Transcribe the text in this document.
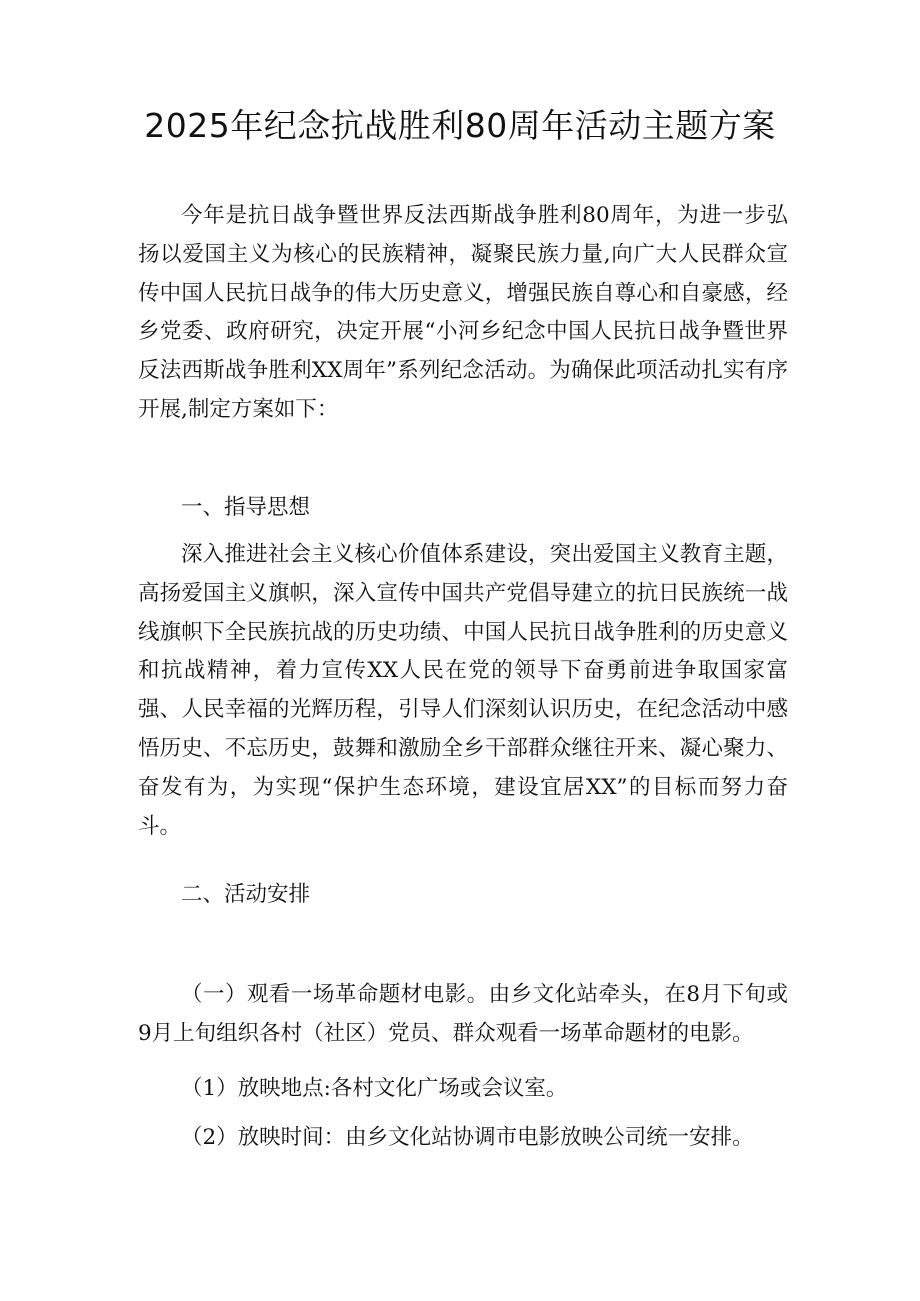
2025年纪念抗战胜利80周年活动主题方案

今年是抗日战争暨世界反法西斯战争胜利80周年，为进一步弘扬以爱国主义为核心的民族精神，凝聚民族力量,向广大人民群众宣传中国人民抗日战争的伟大历史意义，增强民族自尊心和自豪感，经乡党委、政府研究，决定开展“小河乡纪念中国人民抗日战争暨世界反法西斯战争胜利XX周年”系列纪念活动。为确保此项活动扎实有序开展,制定方案如下：

一、指导思想

深入推进社会主义核心价值体系建设，突出爱国主义教育主题，高扬爱国主义旗帜，深入宣传中国共产党倡导建立的抗日民族统一战线旗帜下全民族抗战的历史功绩、中国人民抗日战争胜利的历史意义和抗战精神，着力宣传XX人民在党的领导下奋勇前进争取国家富强、人民幸福的光辉历程，引导人们深刻认识历史，在纪念活动中感悟历史、不忘历史，鼓舞和激励全乡干部群众继往开来、凝心聚力、奋发有为，为实现“保护生态环境，建设宜居XX”的目标而努力奋斗。

二、活动安排

（一）观看一场革命题材电影。由乡文化站牵头，在8月下旬或9月上旬组织各村（社区）党员、群众观看一场革命题材的电影。

（1）放映地点:各村文化广场或会议室。
（2）放映时间：由乡文化站协调市电影放映公司统一安排。
